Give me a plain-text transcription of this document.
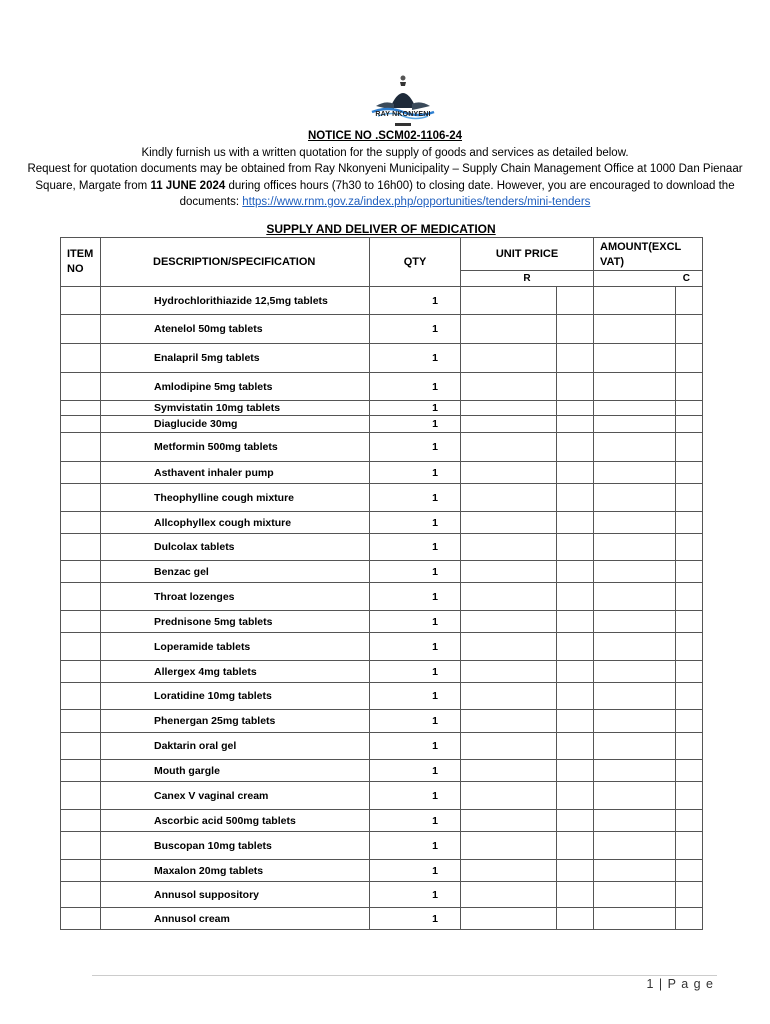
RAY NKONYENI
NOTICE NO .SCM02-1106-24
Kindly furnish us with a written quotation for the supply of goods and services as detailed below.
Request for quotation documents may be obtained from Ray Nkonyeni Municipality – Supply Chain Management Office at 1000 Dan Pienaar Square, Margate from 11 JUNE 2024 during offices hours (7h30 to 16h00) to closing date. However, you are encouraged to download the documents: https://www.rnm.gov.za/index.php/opportunities/tenders/mini-tenders
SUPPLY AND DELIVER OF MEDICATION
ITEM NO	DESCRIPTION/SPECIFICATION	QTY	UNIT PRICE		AMOUNT(EXCL VAT)	
			R		C	
	Hydrochlorithiazide 12,5mg tablets	1				
	Atenelol 50mg tablets	1				
	Enalapril 5mg tablets	1				
	Amlodipine 5mg tablets	1				
	Symvistatin 10mg tablets	1				
	Diaglucide 30mg	1				
	Metformin 500mg tablets	1				
	Asthavent inhaler pump	1				
	Theophylline cough mixture	1				
	Allcophyllex cough mixture	1				
	Dulcolax tablets	1				
	Benzac gel	1				
	Throat lozenges	1				
	Prednisone 5mg tablets	1				
	Loperamide tablets	1				
	Allergex 4mg tablets	1				
	Loratidine 10mg tablets	1				
	Phenergan 25mg tablets	1				
	Daktarin oral gel	1				
	Mouth gargle	1				
	Canex V vaginal cream	1				
	Ascorbic acid 500mg tablets	1				
	Buscopan 10mg tablets	1				
	Maxalon 20mg tablets	1				
	Annusol suppository	1				
	Annusol cream	1				
1 | P a g e
